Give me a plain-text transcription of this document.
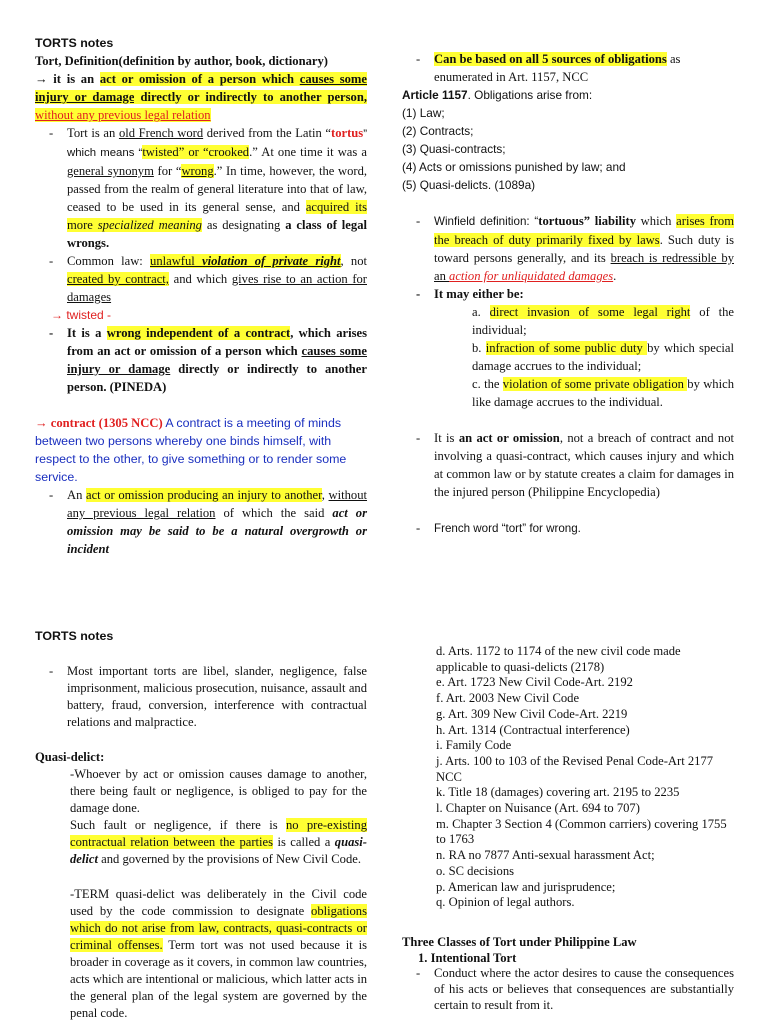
TORTS notes
Tort, Definition(definition by author, book, dictionary)
→ it is an act or omission of a person which causes some injury or damage directly or indirectly to another person, without any previous legal relation
- Tort is an old French word derived from the Latin “tortus” which means “twisted” or “crooked.” At one time it was a general synonym for “wrong.” In time, however, the word, passed from the realm of general literature into that of law, ceased to be used in its general sense, and acquired its more specialized meaning as designating a class of legal wrongs.
- Common law: unlawful violation of private right, not created by contract, and which gives rise to an action for damages
→ twisted -
- It is a wrong independent of a contract, which arises from an act or omission of a person which causes some injury or damage directly or indirectly to another person. (PINEDA)
→ contract (1305 NCC) A contract is a meeting of minds between two persons whereby one binds himself, with respect to the other, to give something or to render some service.
- An act or omission producing an injury to another, without any previous legal relation of which the said act or omission may be said to be a natural overgrowth or incident
- Can be based on all 5 sources of obligations as enumerated in Art. 1157, NCC
Article 1157. Obligations arise from:
(1) Law;
(2) Contracts;
(3) Quasi-contracts;
(4) Acts or omissions punished by law; and
(5) Quasi-delicts. (1089a)
- Winfield definition: “tortuous” liability which arises from the breach of duty primarily fixed by laws. Such duty is toward persons generally, and its breach is redressible by an action for unliquidated damages.
- It may either be:
a. direct invasion of some legal right of the individual;
b. infraction of some public duty by which special damage accrues to the individual;
c. the violation of some private obligation by which like damage accrues to the individual.
- It is an act or omission, not a breach of contract and not involving a quasi-contract, which causes injury and which at common law or by statute creates a claim for damages in the injured person (Philippine Encyclopedia)
- French word “tort” for wrong.
TORTS notes
- Most important torts are libel, slander, negligence, false imprisonment, malicious prosecution, nuisance, assault and battery, fraud, conversion, interference with contractual relations and malpractice.
Quasi-delict:
-Whoever by act or omission causes damage to another, there being fault or negligence, is obliged to pay for the damage done.
Such fault or negligence, if there is no pre-existing contractual relation between the parties is called a quasi-delict and governed by the provisions of New Civil Code.
-TERM quasi-delict was deliberately in the Civil code used by the code commission to designate obligations which do not arise from law, contracts, quasi-contracts or criminal offenses. Term tort was not used because it is broader in coverage as it covers, in common law countries, acts which are intentional or malicious, which latter acts in the general plan of the legal system are governed by the penal code.
d. Arts. 1172 to 1174 of the new civil code made applicable to quasi-delicts (2178)
e. Art. 1723 New Civil Code-Art. 2192
f. Art. 2003 New Civil Code
g. Art. 309 New Civil Code-Art. 2219
h. Art. 1314 (Contractual interference)
i. Family Code
j. Arts. 100 to 103 of the Revised Penal Code-Art 2177 NCC
k. Title 18 (damages) covering art. 2195 to 2235
l. Chapter on Nuisance (Art. 694 to 707)
m. Chapter 3 Section 4 (Common carriers) covering 1755 to 1763
n. RA no 7877 Anti-sexual harassment Act;
o. SC decisions
p. American law and jurisprudence;
q. Opinion of legal authors.
Three Classes of Tort under Philippine Law
1. Intentional Tort
- Conduct where the actor desires to cause the consequences of his acts or believes that consequences are substantially certain to result from it.
